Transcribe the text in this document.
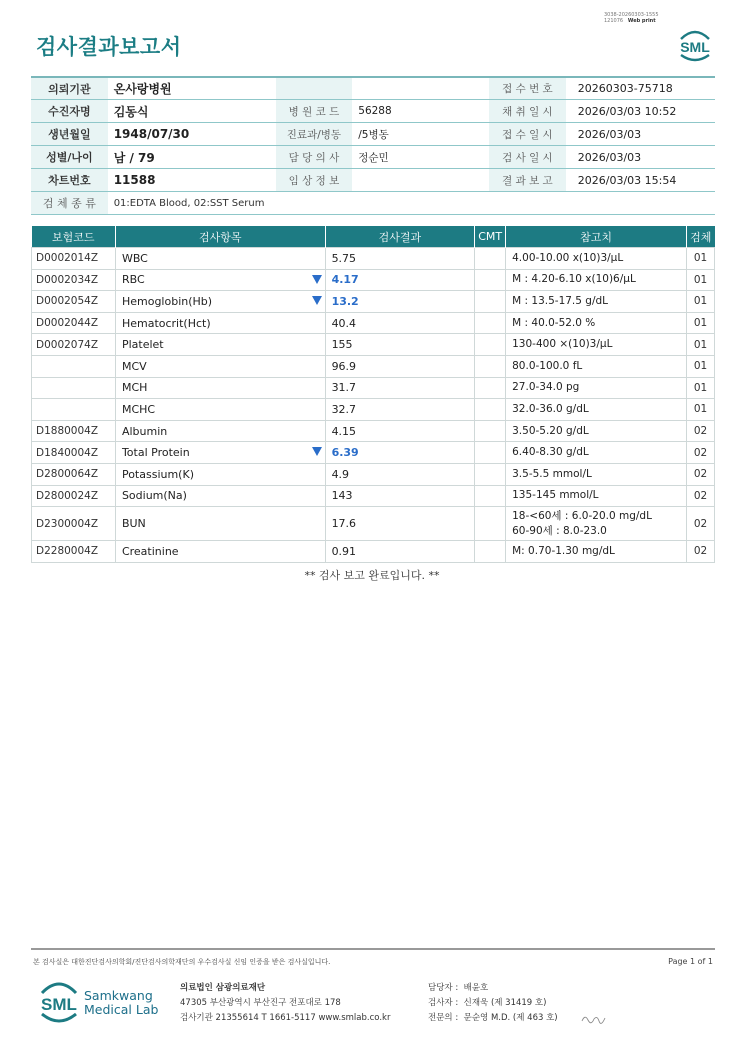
3038-20260303-1555
121076 Web print
검사결과보고서	SML
의뢰기관	온사랑병원			접 수 번 호	20260303-75718
수진자명	김동식	병 원 코 드	56288	채 취 일 시	2026/03/03 10:52
생년월일	1948/07/30	진료과/병동	/5병동	접 수 일 시	2026/03/03
성별/나이	남 / 79	담 당 의 사	정순민	검 사 일 시	2026/03/03
차트번호	11588	임 상 정 보		결 과 보 고	2026/03/03 15:54
검 체 종 류	01:EDTA Blood, 02:SST Serum				
보험코드	검사항목	검사결과	CMT	참고치	검체
D0002014Z	WBC	5.75		4.00-10.00 x(10)3/μL	01
D0002034Z	RBC	4.17		M : 4.20-6.10 x(10)6/μL	01
D0002054Z	Hemoglobin(Hb)	13.2		M : 13.5-17.5 g/dL	01
D0002044Z	Hematocrit(Hct)	40.4		M : 40.0-52.0 %	01
D0002074Z	Platelet	155		130-400 ×(10)3/μL	01
	MCV	96.9		80.0-100.0 fL	01
	MCH	31.7		27.0-34.0 pg	01
	MCHC	32.7		32.0-36.0 g/dL	01
D1880004Z	Albumin	4.15		3.50-5.20 g/dL	02
D1840004Z	Total Protein	6.39		6.40-8.30 g/dL	02
D2800064Z	Potassium(K)	4.9		3.5-5.5 mmol/L	02
D2800024Z	Sodium(Na)	143		135-145 mmol/L	02
D2300004Z	BUN	17.6		18-<60세 : 6.0-20.0 mg/dL
60-90세 : 8.0-23.0	02
D2280004Z	Creatinine	0.91		M: 0.70-1.30 mg/dL	02
** 검사 보고 완료입니다. **
본 검사실은 대한진단검사의학회/진단검사의학재단의 우수검사실 신임 인증을 받은 검사실입니다.	Page 1 of 1
SML Samkwang
Medical Lab
의료법인 삼광의료재단
47305 부산광역시 부산진구 전포대로 178
검사기관 21355614 T 1661-5117 www.smlab.co.kr
담당자 : 배윤호
검사자 : 신재욱 (제 31419 호)
전문의 : 문순영 M.D. (제 463 호)
